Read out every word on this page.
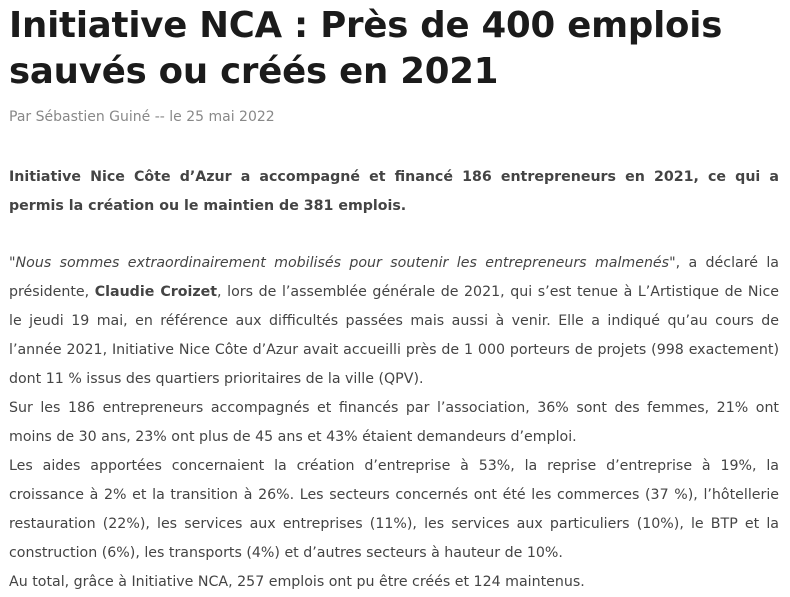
Initiative NCA : Près de 400 emplois sauvés ou créés en 2021
Par Sébastien Guiné -- le 25 mai 2022

Initiative Nice Côte d’Azur a accompagné et financé 186 entrepreneurs en 2021, ce qui a permis la création ou le maintien de 381 emplois.

"Nous sommes extraordinairement mobilisés pour soutenir les entrepreneurs malmenés", a déclaré la présidente, Claudie Croizet, lors de l’assemblée générale de 2021, qui s’est tenue à L’Artistique de Nice le jeudi 19 mai, en référence aux difficultés passées mais aussi à venir. Elle a indiqué qu’au cours de l’année 2021, Initiative Nice Côte d’Azur avait accueilli près de 1 000 porteurs de projets (998 exactement) dont 11 % issus des quartiers prioritaires de la ville (QPV).

Sur les 186 entrepreneurs accompagnés et financés par l’association, 36% sont des femmes, 21% ont moins de 30 ans, 23% ont plus de 45 ans et 43% étaient demandeurs d’emploi.

Les aides apportées concernaient la création d’entreprise à 53%, la reprise d’entreprise à 19%, la croissance à 2% et la transition à 26%. Les secteurs concernés ont été les commerces (37 %), l’hôtellerie restauration (22%), les services aux entreprises (11%), les services aux particuliers (10%), le BTP et la construction (6%), les transports (4%) et d’autres secteurs à hauteur de 10%.

Au total, grâce à Initiative NCA, 257 emplois ont pu être créés et 124 maintenus.
